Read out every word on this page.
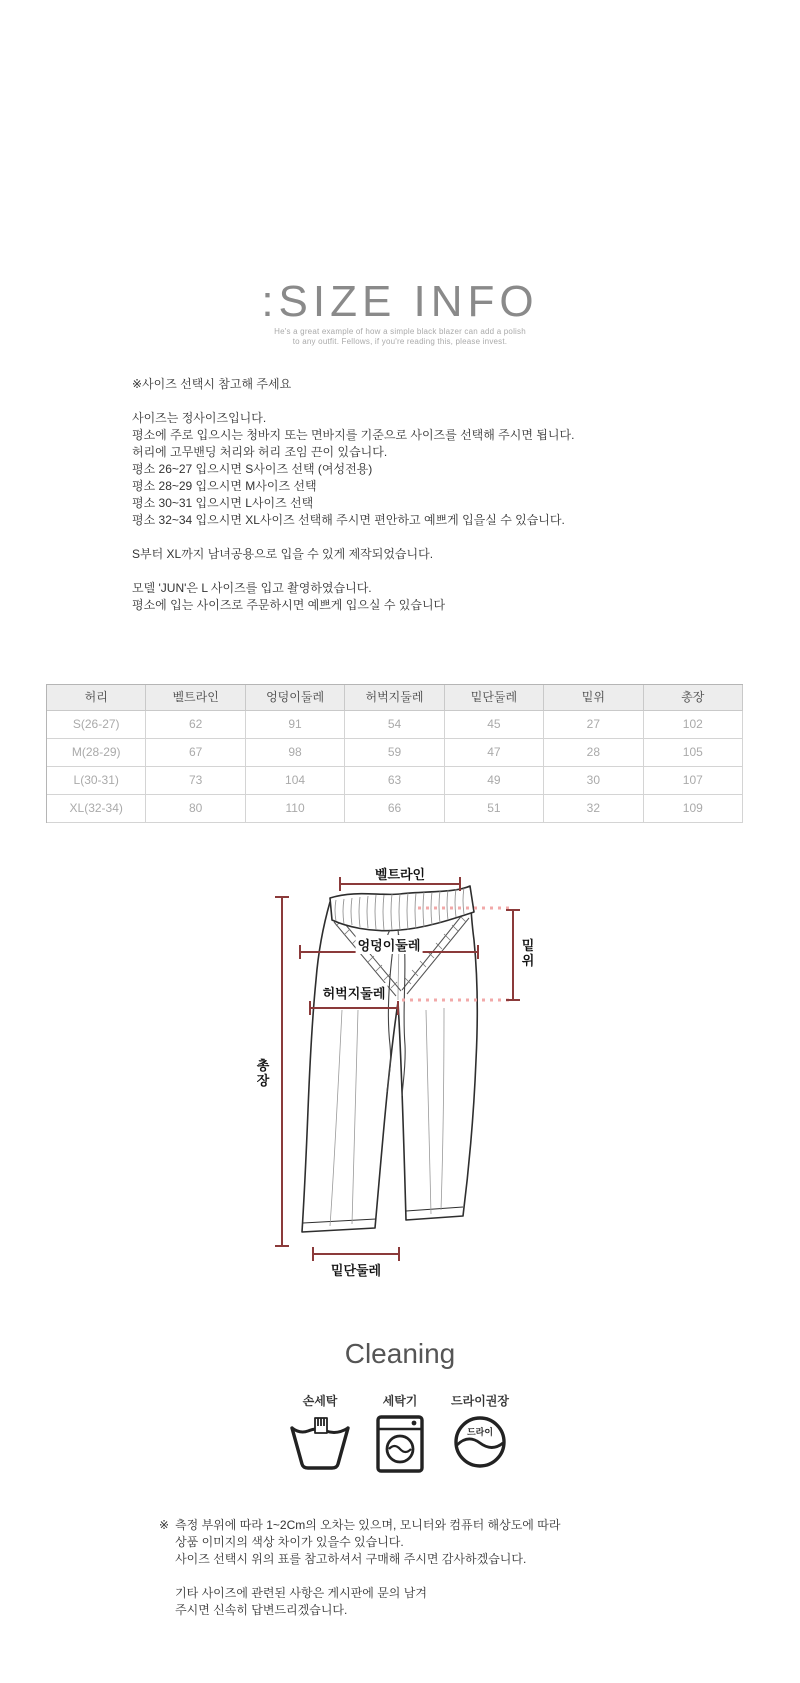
:SIZE INFO
He's a great example of how a simple black blazer can add a polish
to any outfit. Fellows, if you're reading this, please invest.
※사이즈 선택시 참고해 주세요
사이즈는 정사이즈입니다.
평소에 주로 입으시는 청바지 또는 면바지를 기준으로 사이즈를 선택해 주시면 됩니다.
허리에 고무밴딩 처리와 허리 조임 끈이 있습니다.
평소 26~27 입으시면 S사이즈 선택 (여성전용)
평소 28~29 입으시면 M사이즈 선택
평소 30~31 입으시면 L사이즈 선택
평소 32~34 입으시면 XL사이즈 선택해 주시면 편안하고 예쁘게 입을실 수 있습니다.
S부터 XL까지 남녀공용으로 입을 수 있게 제작되었습니다.
모델 'JUN'은 L 사이즈를 입고 촬영하였습니다.
평소에 입는 사이즈로 주문하시면 예쁘게 입으실 수 있습니다
허리	벨트라인	엉덩이둘레	허벅지둘레	밑단둘레	밑위	총장
S(26-27)	62	91	54	45	27	102
M(28-29)	67	98	59	47	28	105
L(30-31)	73	104	63	49	30	107
XL(32-34)	80	110	66	51	32	109
벨트라인
엉덩이둘레
허벅지둘레
밑위
총장
밑단둘레
Cleaning
손세탁	세탁기	드라이권장
드라이
※ 측정 부위에 따라 1~2Cm의 오차는 있으며, 모니터와 컴퓨터 해상도에 따라
상품 이미지의 색상 차이가 있을수 있습니다.
사이즈 선택시 위의 표를 참고하셔서 구매해 주시면 감사하겠습니다.
기타 사이즈에 관련된 사항은 게시판에 문의 남겨
주시면 신속히 답변드리겠습니다.
